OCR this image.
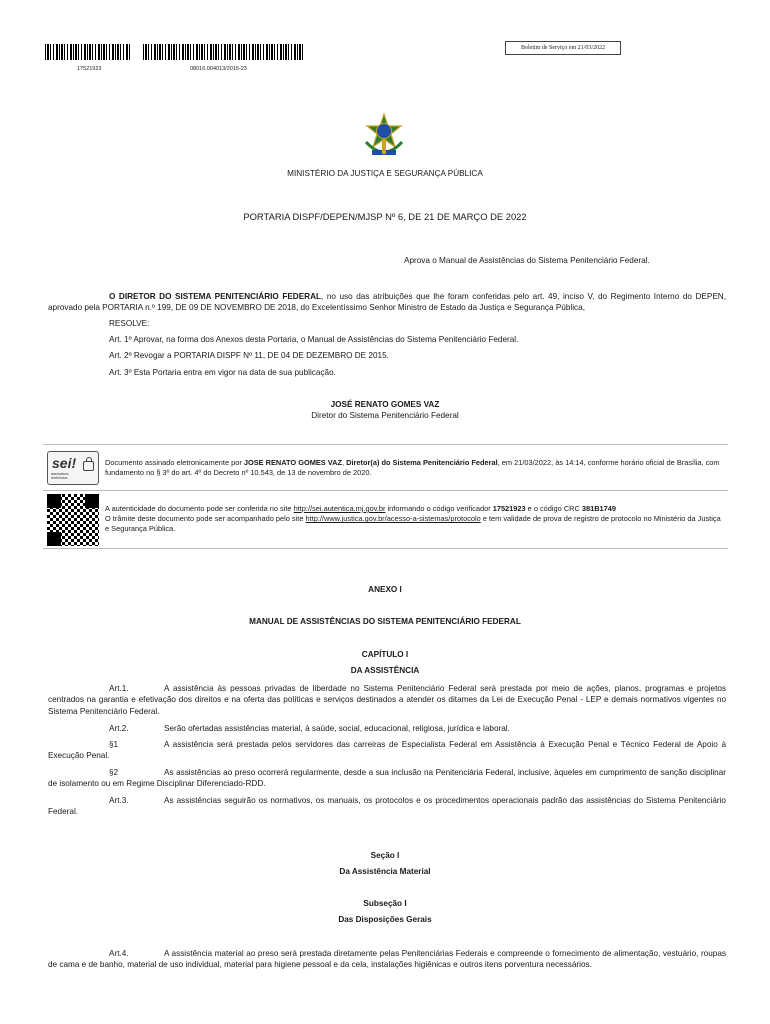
17521923	08016.004013/2015-23
Boletim de Serviço em 21/03/2022
MINISTÉRIO DA JUSTIÇA E SEGURANÇA PÚBLICA
PORTARIA DISPF/DEPEN/MJSP Nº 6, DE 21 DE MARÇO DE 2022
Aprova o Manual de Assistências do Sistema Penitenciário Federal.
O DIRETOR DO SISTEMA PENITENCIÁRIO FEDERAL, no uso das atribuições que lhe foram conferidas pelo art. 49, inciso V, do Regimento Interno do DEPEN, aprovado pela PORTARIA n.º 199, DE 09 DE NOVEMBRO DE 2018, do Excelentíssimo Senhor Ministro de Estado da Justiça e Segurança Pública,
RESOLVE:
Art. 1º Aprovar, na forma dos Anexos desta Portaria, o Manual de Assistências do Sistema Penitenciário Federal.
Art. 2º Revogar a PORTARIA DISPF Nº 11, DE 04 DE DEZEMBRO DE 2015.
Art. 3º Esta Portaria entra em vigor na data de sua publicação.
JOSÉ RENATO GOMES VAZ
Diretor do Sistema Penitenciário Federal
sei!
assinatura
eletrônica
Documento assinado eletronicamente por JOSE RENATO GOMES VAZ, Diretor(a) do Sistema Penitenciário Federal, em 21/03/2022, às 14:14, conforme horário oficial de Brasília, com fundamento no § 3º do art. 4º do Decreto nº 10.543, de 13 de novembro de 2020.
A autenticidade do documento pode ser conferida no site http://sei.autentica.mj.gov.br informando o código verificador 17521923 e o código CRC 381B1749
O trâmite deste documento pode ser acompanhado pelo site http://www.justica.gov.br/acesso-a-sistemas/protocolo e tem validade de prova de registro de protocolo no Ministério da Justiça e Segurança Pública.
ANEXO I
MANUAL DE ASSISTÊNCIAS DO SISTEMA PENITENCIÁRIO FEDERAL
CAPÍTULO I
DA ASSISTÊNCIA
Art.1.	A assistência às pessoas privadas de liberdade no Sistema Penitenciário Federal será prestada por meio de ações, planos, programas e projetos centrados na garantia e efetivação dos direitos e na oferta das políticas e serviços destinados a atender os ditames da Lei de Execução Penal - LEP e demais normativos vigentes no Sistema Penitenciário Federal.
Art.2.	Serão ofertadas assistências material, à saúde, social, educacional, religiosa, jurídica e laboral.
§1	A assistência será prestada pelos servidores das carreiras de Especialista Federal em Assistência à Execução Penal e Técnico Federal de Apoio à Execução Penal.
§2	As assistências ao preso ocorrerá regularmente, desde a sua inclusão na Penitenciária Federal, inclusive, àqueles em cumprimento de sanção disciplinar de isolamento ou em Regime Disciplinar Diferenciado-RDD.
Art.3.	As assistências seguirão os normativos, os manuais, os protocolos e os procedimentos operacionais padrão das assistências do Sistema Penitenciário Federal.
Seção I
Da Assistência Material
Subseção I
Das Disposições Gerais
Art.4.	A assistência material ao preso será prestada diretamente pelas Penitenciárias Federais e compreende o fornecimento de alimentação, vestuário, roupas de cama e de banho, material de uso individual, material para higiene pessoal e da cela, instalações higiênicas e outros itens porventura necessários.
